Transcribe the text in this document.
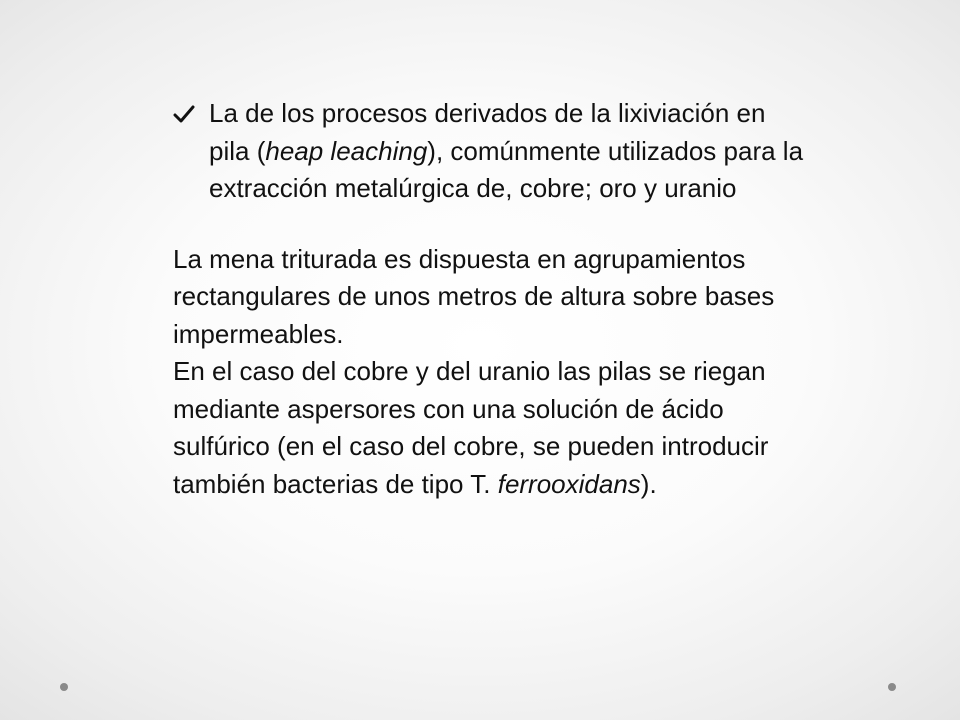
La de los procesos derivados de la lixiviación en pila (heap leaching), comúnmente utilizados para la extracción metalúrgica de, cobre; oro y uranio

La mena triturada es dispuesta en agrupamientos rectangulares de unos metros de altura sobre bases impermeables.

En el caso del cobre y del uranio las pilas se riegan mediante aspersores con una solución de ácido sulfúrico (en el caso del cobre, se pueden introducir también bacterias de tipo T. ferrooxidans).
